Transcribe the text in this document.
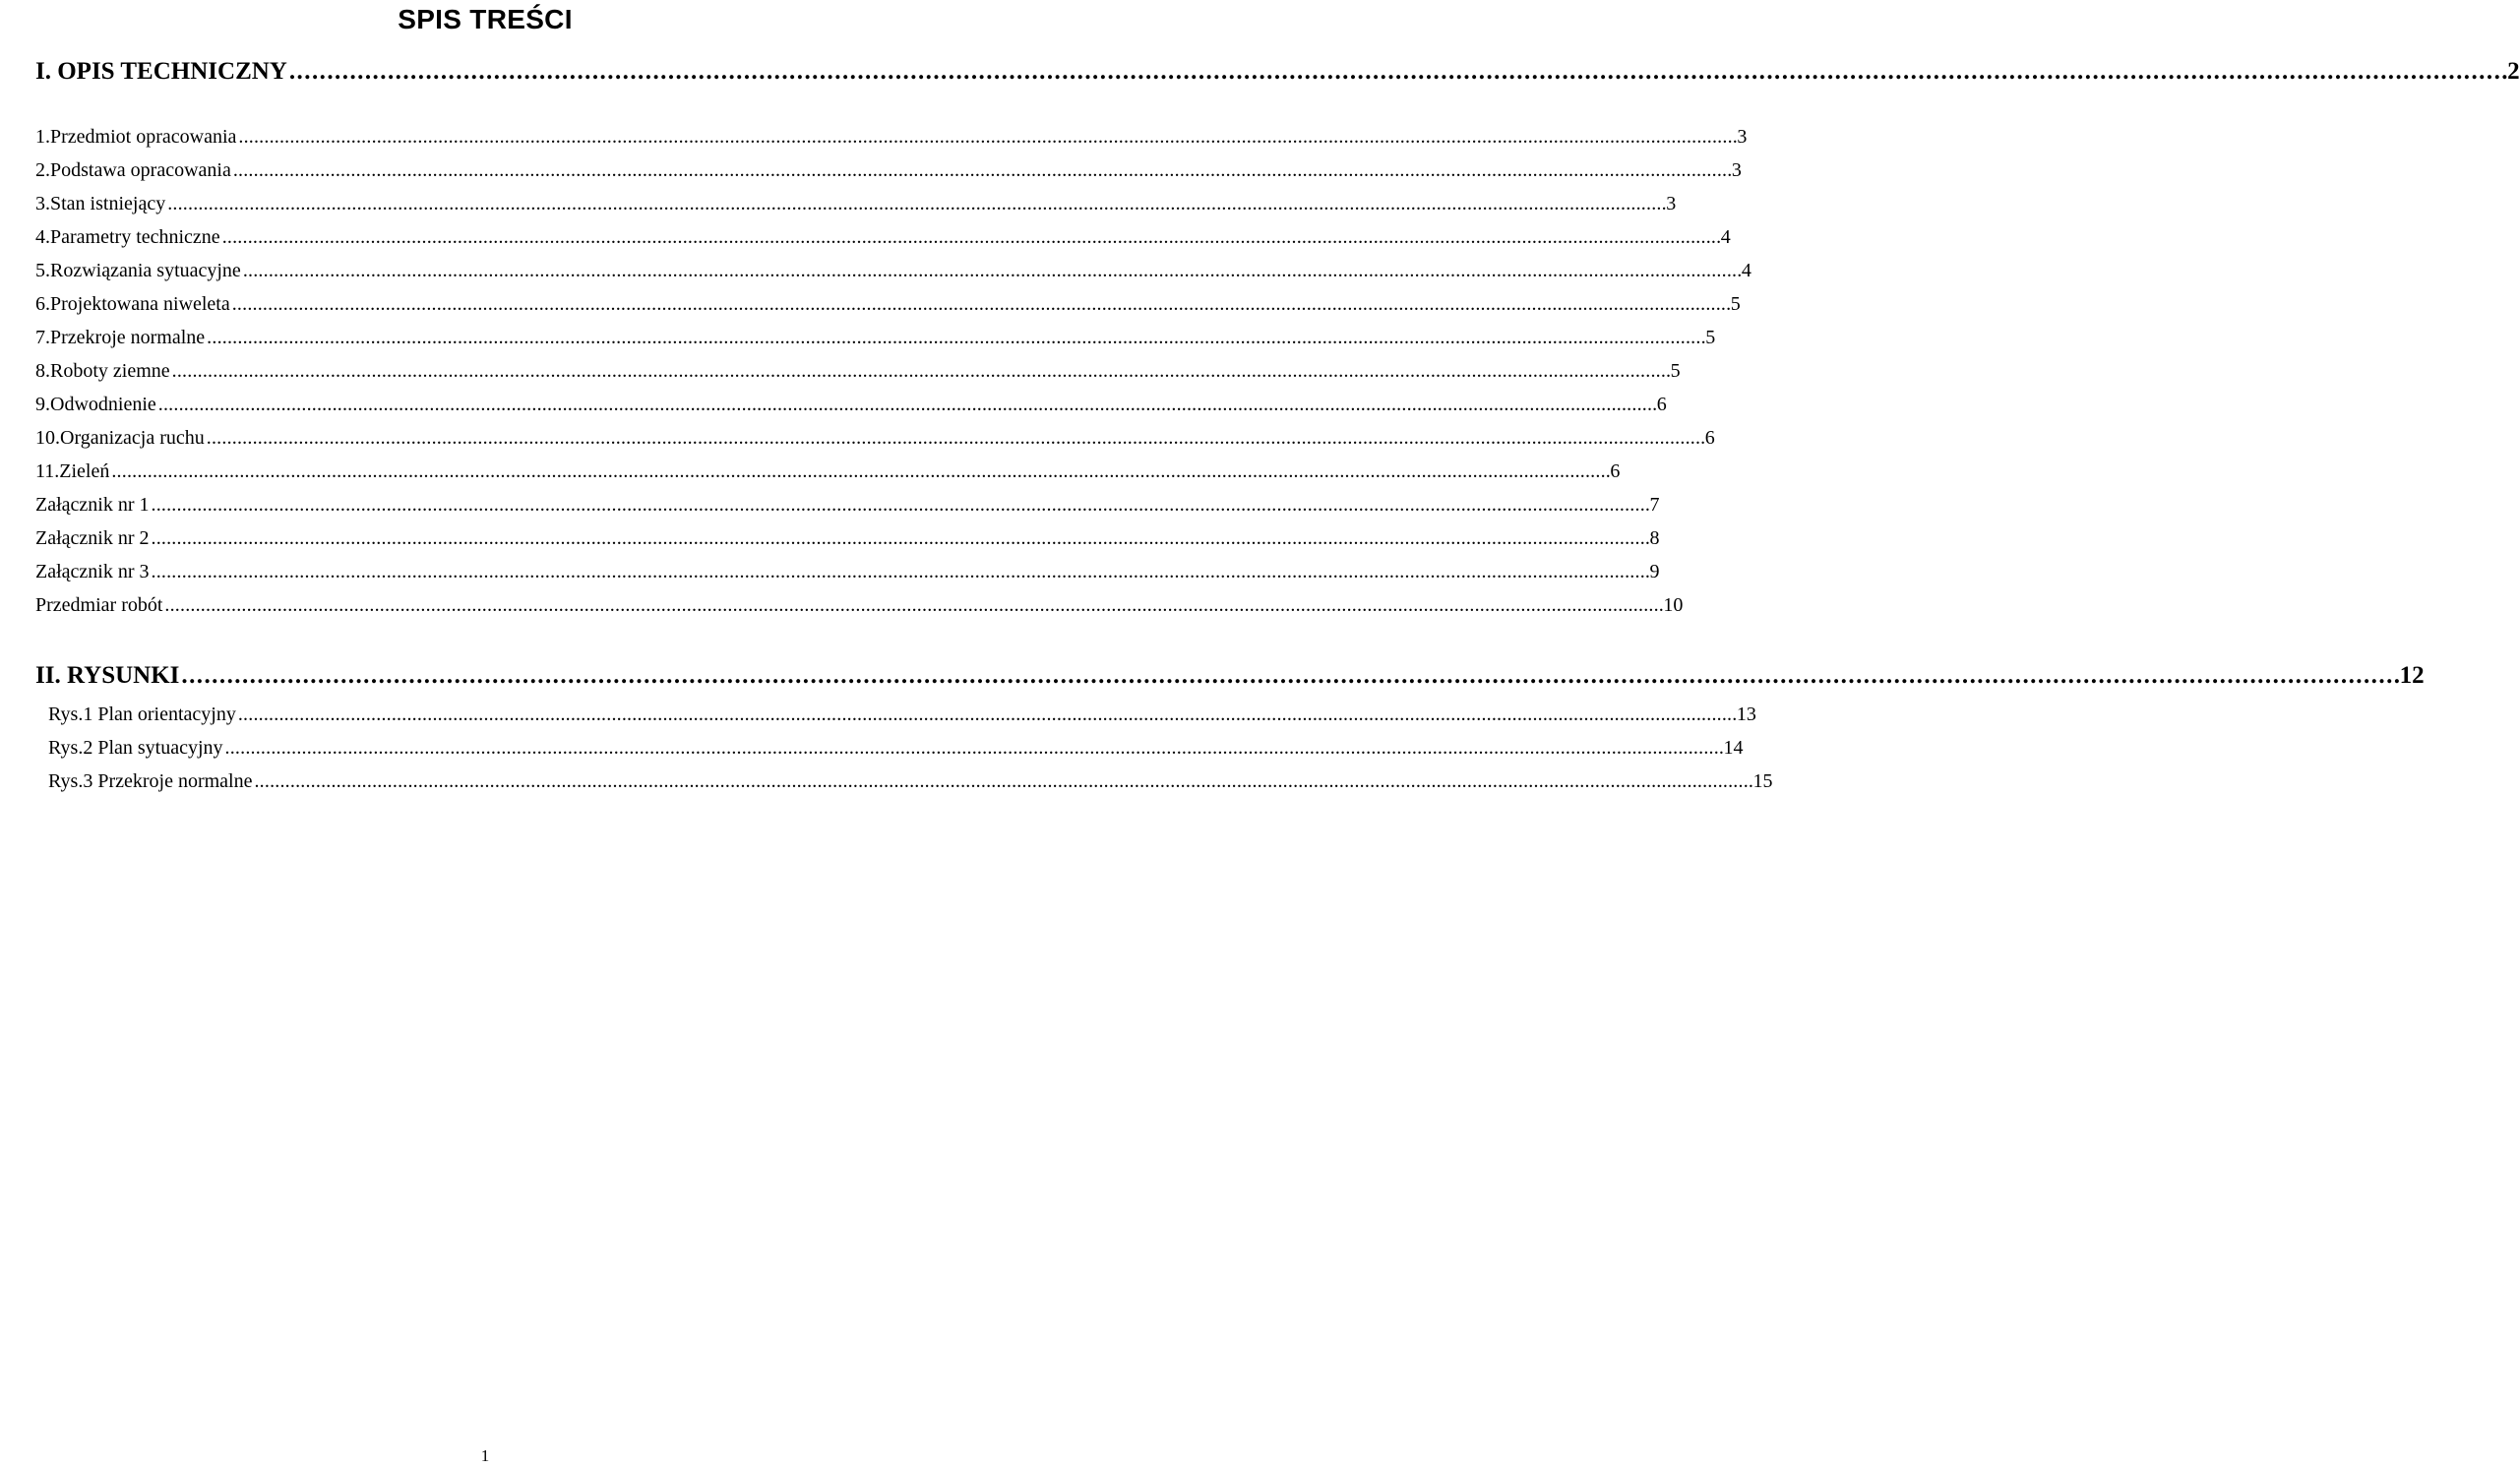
SPIS TREŚCI
I. OPIS TECHNICZNY . . .	2
1. Przedmiot opracowania . . .	3
2. Podstawa opracowania . . .	3
3. Stan istniejący . . .	3
4. Parametry techniczne . . .	4
5. Rozwiązania sytuacyjne . . .	4
6. Projektowana niweleta . . .	5
7. Przekroje normalne . . .	5
8. Roboty ziemne . . .	5
9. Odwodnienie . . .	6
10. Organizacja ruchu . . .	6
11. Zieleń . . .	6
Załącznik nr 1 . . .	7
Załącznik nr 2 . . .	8
Załącznik nr 3 . . .	9
Przedmiar robót . . .	10
II. RYSUNKI . . .	12
Rys.1 Plan orientacyjny . . .	13
Rys.2 Plan sytuacyjny . . .	14
Rys.3 Przekroje normalne . . .	15
1
